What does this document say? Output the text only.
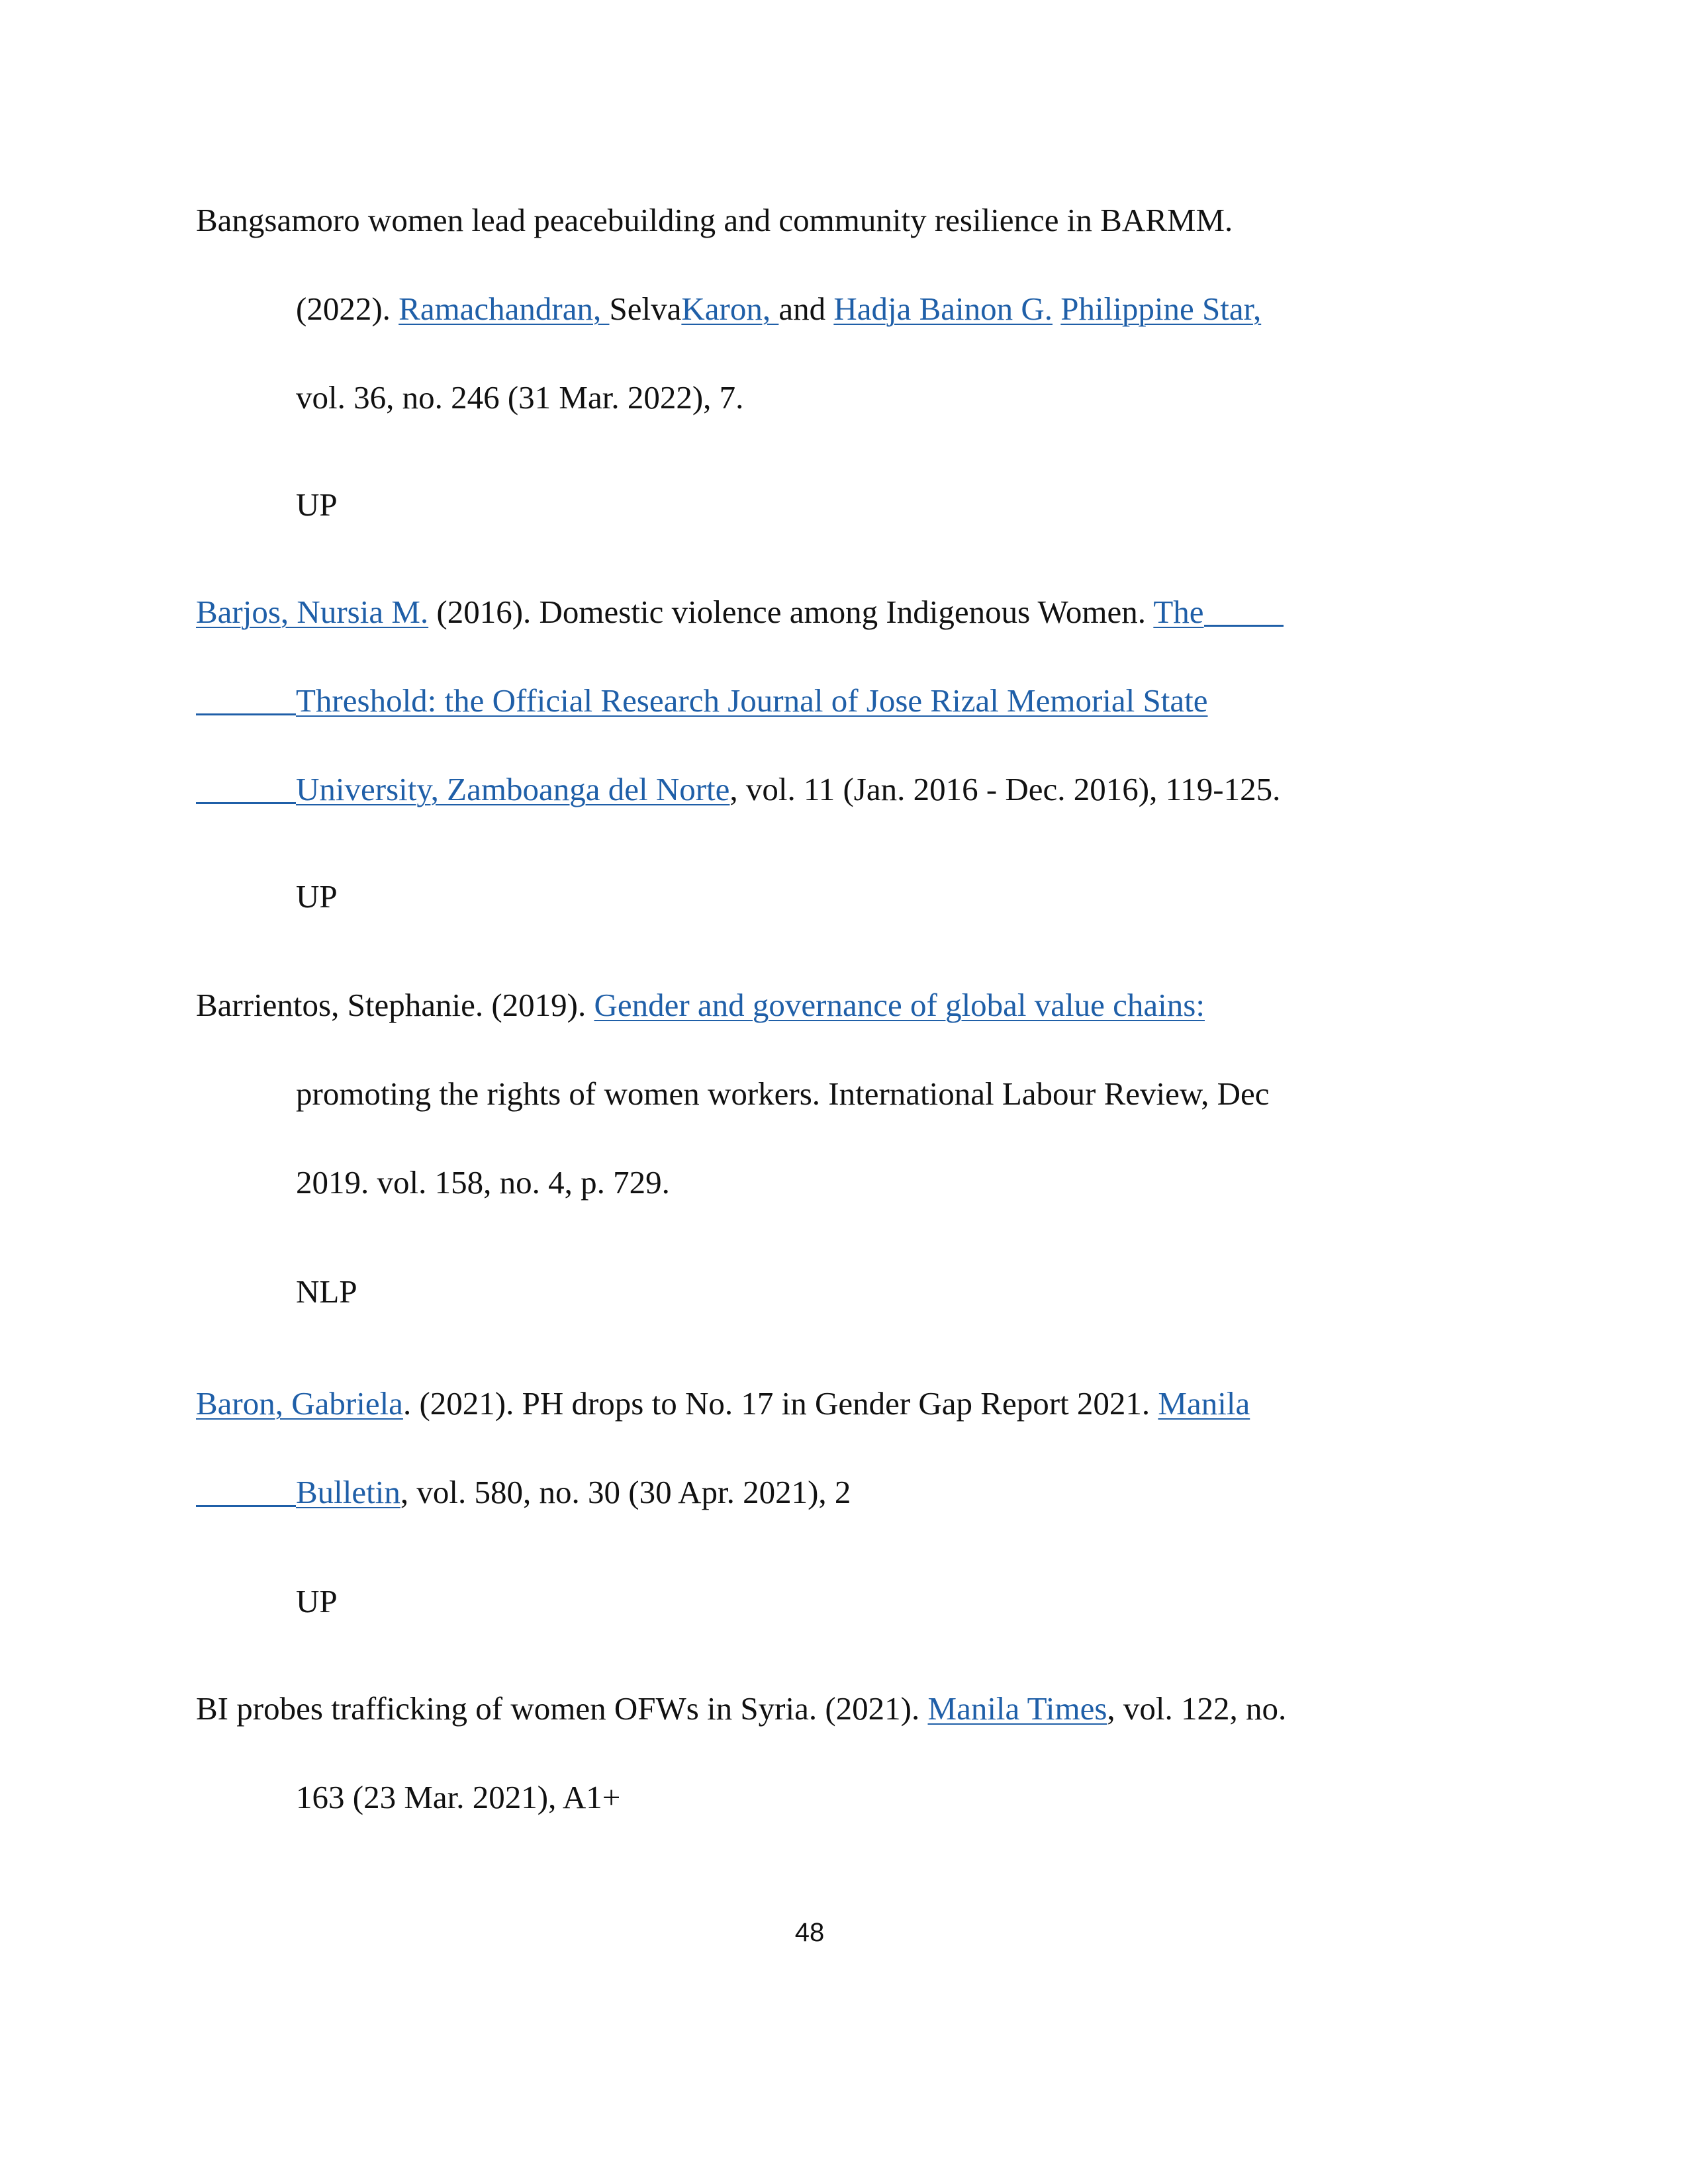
Bangsamoro women lead peacebuilding and community resilience in BARMM.
(2022). Ramachandran, SelvaKaron, and Hadja Bainon G. Philippine Star,
vol. 36, no. 246 (31 Mar. 2022), 7.
UP
Barjos, Nursia M. (2016). Domestic violence among Indigenous Women. The
Threshold: the Official Research Journal of Jose Rizal Memorial State
University, Zamboanga del Norte, vol. 11 (Jan. 2016 - Dec. 2016), 119-125.
UP
Barrientos, Stephanie. (2019). Gender and governance of global value chains:
promoting the rights of women workers. International Labour Review, Dec
2019. vol. 158, no. 4, p. 729.
NLP
Baron, Gabriela. (2021). PH drops to No. 17 in Gender Gap Report 2021. Manila
Bulletin, vol. 580, no. 30 (30 Apr. 2021), 2
UP
BI probes trafficking of women OFWs in Syria. (2021). Manila Times, vol. 122, no.
163 (23 Mar. 2021), A1+
48
